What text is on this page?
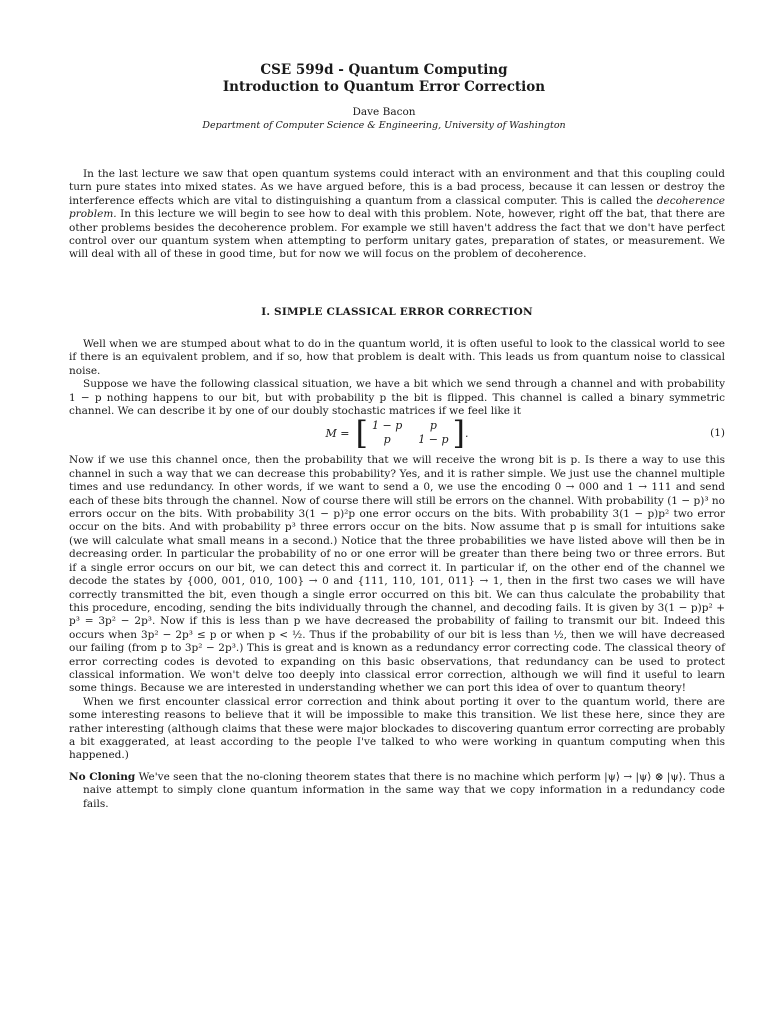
CSE 599d - Quantum Computing
Introduction to Quantum Error Correction
Dave Bacon
Department of Computer Science & Engineering, University of Washington

In the last lecture we saw that open quantum systems could interact with an environment and that this coupling could turn pure states into mixed states. As we have argued before, this is a bad process, because it can lessen or destroy the interference effects which are vital to distinguishing a quantum from a classical computer. This is called the decoherence problem. In this lecture we will begin to see how to deal with this problem. Note, however, right off the bat, that there are other problems besides the decoherence problem. For example we still haven't address the fact that we don't have perfect control over our quantum system when attempting to perform unitary gates, preparation of states, or measurement. We will deal with all of these in good time, but for now we will focus on the problem of decoherence.

I. SIMPLE CLASSICAL ERROR CORRECTION

Well when we are stumped about what to do in the quantum world, it is often useful to look to the classical world to see if there is an equivalent problem, and if so, how that problem is dealt with. This leads us from quantum noise to classical noise.

Suppose we have the following classical situation, we have a bit which we send through a channel and with probability 1 − p nothing happens to our bit, but with probability p the bit is flipped. This channel is called a binary symmetric channel. We can describe it by one of our doubly stochastic matrices if we feel like it

M = [ 1 − p	p
p	1 − p ] .	(1)

Now if we use this channel once, then the probability that we will receive the wrong bit is p. Is there a way to use this channel in such a way that we can decrease this probability? Yes, and it is rather simple. We just use the channel multiple times and use redundancy. In other words, if we want to send a 0, we use the encoding 0 → 000 and 1 → 111 and send each of these bits through the channel. Now of course there will still be errors on the channel. With probability (1 − p)³ no errors occur on the bits. With probability 3(1 − p)²p one error occurs on the bits. With probability 3(1 − p)p² two error occur on the bits. And with probability p³ three errors occur on the bits. Now assume that p is small for intuitions sake (we will calculate what small means in a second.) Notice that the three probabilities we have listed above will then be in decreasing order. In particular the probability of no or one error will be greater than there being two or three errors. But if a single error occurs on our bit, we can detect this and correct it. In particular if, on the other end of the channel we decode the states by {000, 001, 010, 100} → 0 and {111, 110, 101, 011} → 1, then in the first two cases we will have correctly transmitted the bit, even though a single error occurred on this bit. We can thus calculate the probability that this procedure, encoding, sending the bits individually through the channel, and decoding fails. It is given by 3(1 − p)p² + p³ = 3p² − 2p³. Now if this is less than p we have decreased the probability of failing to transmit our bit. Indeed this occurs when 3p² − 2p³ ≤ p or when p < ½. Thus if the probability of our bit is less than ½, then we will have decreased our failing (from p to 3p² − 2p³.) This is great and is known as a redundancy error correcting code. The classical theory of error correcting codes is devoted to expanding on this basic observations, that redundancy can be used to protect classical information. We won't delve too deeply into classical error correction, although we will find it useful to learn some things. Because we are interested in understanding whether we can port this idea of over to quantum theory!

When we first encounter classical error correction and think about porting it over to the quantum world, there are some interesting reasons to believe that it will be impossible to make this transition. We list these here, since they are rather interesting (although claims that these were major blockades to discovering quantum error correcting are probably a bit exaggerated, at least according to the people I've talked to who were working in quantum computing when this happened.)

No Cloning We've seen that the no-cloning theorem states that there is no machine which perform |ψ⟩ → |ψ⟩ ⊗ |ψ⟩. Thus a naive attempt to simply clone quantum information in the same way that we copy information in a redundancy code fails.
